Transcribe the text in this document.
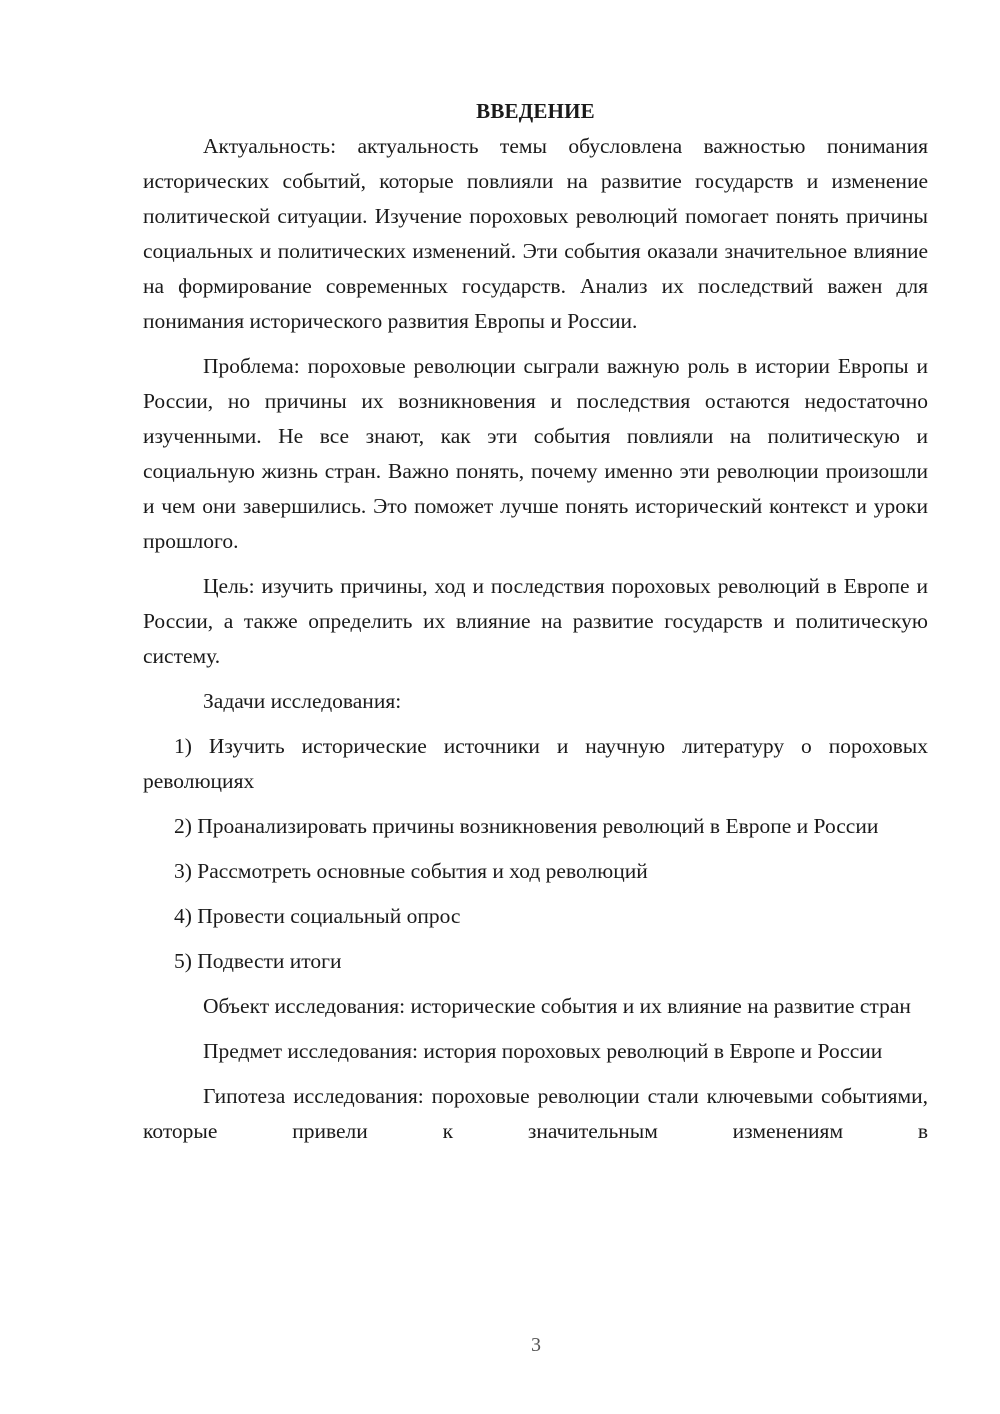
ВВЕДЕНИЕ

Актуальность: актуальность темы обусловлена важностью понимания исторических событий, которые повлияли на развитие государств и изменение политической ситуации. Изучение пороховых революций помогает понять причины социальных и политических изменений. Эти события оказали значительное влияние на формирование современных государств. Анализ их последствий важен для понимания исторического развития Европы и России.

Проблема: пороховые революции сыграли важную роль в истории Европы и России, но причины их возникновения и последствия остаются недостаточно изученными. Не все знают, как эти события повлияли на политическую и социальную жизнь стран. Важно понять, почему именно эти революции произошли и чем они завершились. Это поможет лучше понять исторический контекст и уроки прошлого.

Цель: изучить причины, ход и последствия пороховых революций в Европе и России, а также определить их влияние на развитие государств и политическую систему.

Задачи исследования:

1) Изучить исторические источники и научную литературу о пороховых революциях

2) Проанализировать причины возникновения революций в Европе и России

3) Рассмотреть основные события и ход революций

4) Провести социальный опрос

5) Подвести итоги

Объект исследования: исторические события и их влияние на развитие стран

Предмет исследования: история пороховых революций в Европе и России

Гипотеза исследования: пороховые революции стали ключевыми событиями, которые привели к значительным изменениям в

3
